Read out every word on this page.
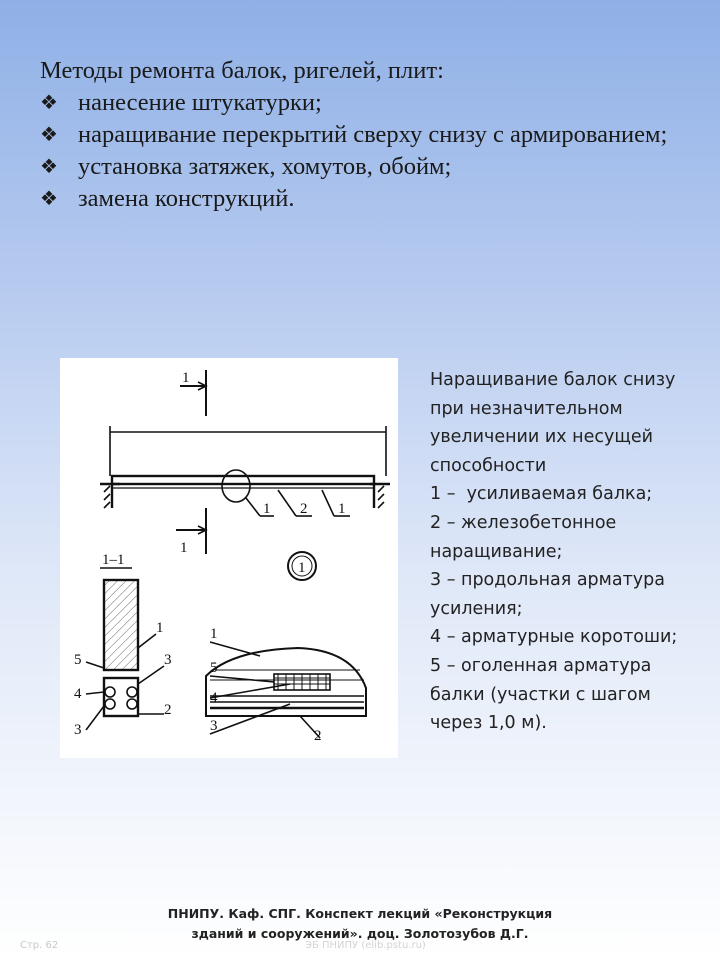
Методы ремонта балок, ригелей, плит:
❖ нанесение штукатурки;
❖ наращивание перекрытий сверху снизу с армированием;
❖ установка затяжек, хомутов, обойм;
❖ замена конструкций.
1
1 2 1
1
1
1–1
1
3
2
5
4
3
1
5
4
3
2
Наращивание балок снизу
при незначительном
увеличении их несущей
способности
1 –  усиливаемая балка;
2 – железобетонное
наращивание;
3 – продольная арматура
усиления;
4 – арматурные коротоши;
5 – оголенная арматура
балки (участки с шагом
через 1,0 м).
ПНИПУ. Каф. СПГ. Конспект лекций «Реконструкция
зданий и сооружений». доц. Золотозубов Д.Г.
Стр. 62	ЭБ ПНИПУ (elib.pstu.ru)
